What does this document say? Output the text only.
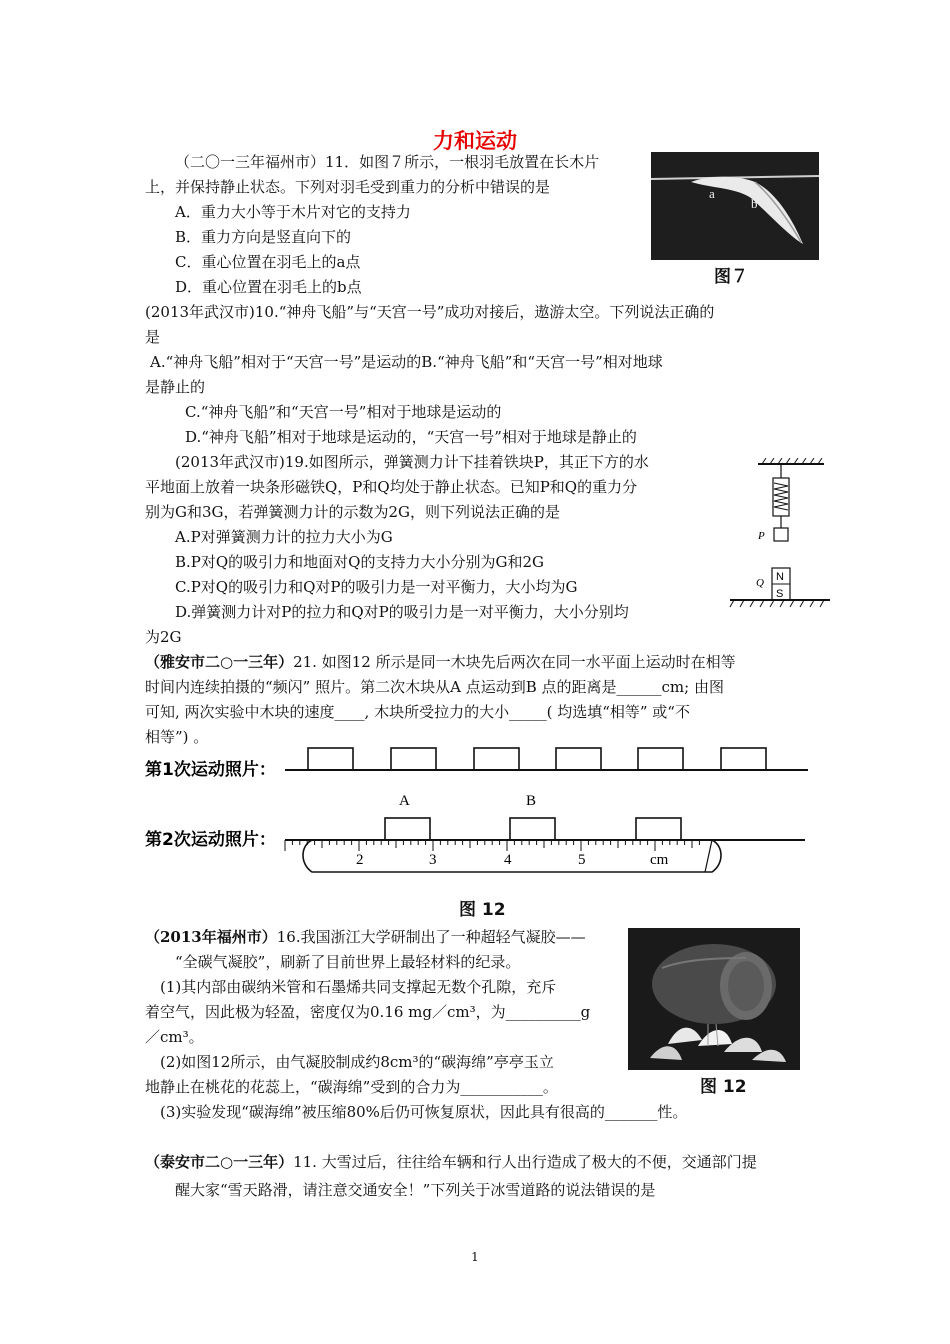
力和运动
（二〇一三年福州市）11．如图７所示，一根羽毛放置在长木片
上，并保持静止状态。下列对羽毛受到重力的分析中错误的是
A．重力大小等于木片对它的支持力
B．重力方向是竖直向下的
C．重心位置在羽毛上的a点
D．重心位置在羽毛上的b点
a
b
图７
(2013年武汉市)10.“神舟飞船”与“天宫一号”成功对接后，遨游太空。下列说法正确的
是
A.“神舟飞船”相对于“天宫一号”是运动的B.“神舟飞船”和“天宫一号”相对地球
是静止的
C.“神舟飞船”和“天宫一号”相对于地球是运动的
D.“神舟飞船”相对于地球是运动的，“天宫一号”相对于地球是静止的
(2013年武汉市)19.如图所示，弹簧测力计下挂着铁块P，其正下方的水
平地面上放着一块条形磁铁Q，P和Q均处于静止状态。已知P和Q的重力分
别为G和3G，若弹簧测力计的示数为2G，则下列说法正确的是
A.P对弹簧测力计的拉力大小为G
B.P对Q的吸引力和地面对Q的支持力大小分别为G和2G
C.P对Q的吸引力和Q对P的吸引力是一对平衡力，大小均为G
D.弹簧测力计对P的拉力和Q对P的吸引力是一对平衡力，大小分别均
为2G
P
N
S
Q
（雅安市二○一三年）21. 如图12 所示是同一木块先后两次在同一水平面上运动时在相等
时间内连续拍摄的“频闪” 照片。第二次木块从A 点运动到B 点的距离是______cm; 由图
可知, 两次实验中木块的速度____, 木块所受拉力的大小_____( 均选填“相等” 或“不
相等”) 。
第1次运动照片：
A	B
第2次运动照片：
2	3	4	5	cm
图 12
（2013年福州市）16.我国浙江大学研制出了一种超轻气凝胶——
“全碳气凝胶”，刷新了目前世界上最轻材料的纪录。
(1)其内部由碳纳米管和石墨烯共同支撑起无数个孔隙，充斥
着空气，因此极为轻盈，密度仅为0.16 mg／cm³，为__________g
／cm³。
(2)如图12所示，由气凝胶制成约8cm³的“碳海绵”亭亭玉立
地静止在桃花的花蕊上，“碳海绵”受到的合力为___________。
(3)实验发现“碳海绵”被压缩80%后仍可恢复原状，因此具有很高的_______性。
图 12
（泰安市二○一三年）11. 大雪过后，往往给车辆和行人出行造成了极大的不便，交通部门提
醒大家“雪天路滑，请注意交通安全！”下列关于冰雪道路的说法错误的是
1
